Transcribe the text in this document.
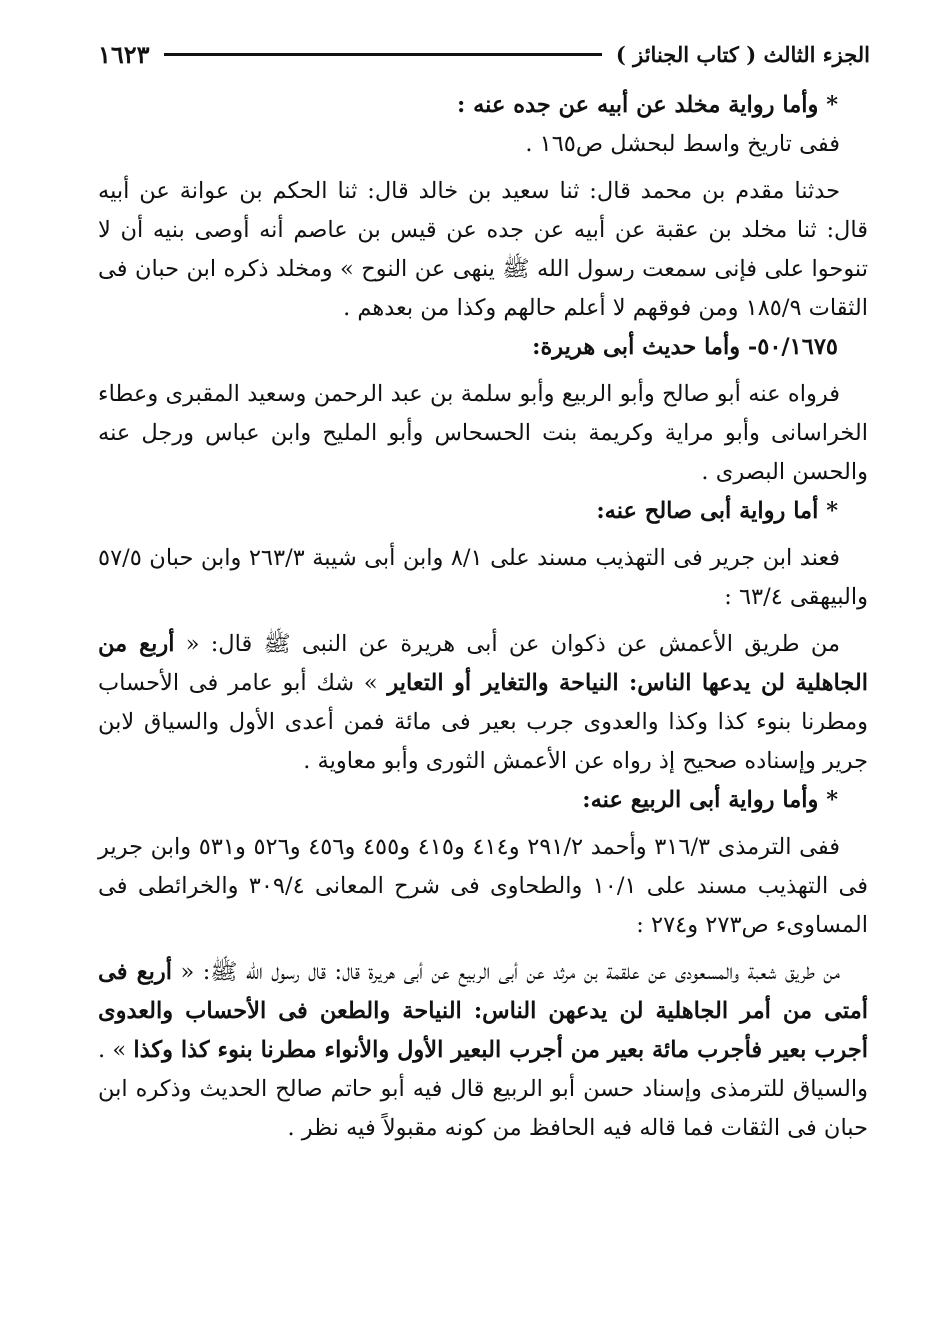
الجزء الثالث ( كتاب الجنائز )
١٦٢٣

* وأما رواية مخلد عن أبيه عن جده عنه :

ففى تاريخ واسط لبحشل ص١٦٥ .

حدثنا مقدم بن محمد قال: ثنا سعيد بن خالد قال: ثنا الحكم بن عوانة عن أبيه قال: ثنا مخلد بن عقبة عن أبيه عن جده عن قيس بن عاصم أنه أوصى بنيه أن لا تنوحوا على فإنى سمعت رسول الله ﷺ ينهى عن النوح » ومخلد ذكره ابن حبان فى الثقات ١٨٥/٩ ومن فوقهم لا أعلم حالهم وكذا من بعدهم .

٥٠/١٦٧٥- وأما حديث أبى هريرة:

فرواه عنه أبو صالح وأبو الربيع وأبو سلمة بن عبد الرحمن وسعيد المقبرى وعطاء الخراسانى وأبو مراية وكريمة بنت الحسحاس وأبو المليح وابن عباس ورجل عنه والحسن البصرى .

* أما رواية أبى صالح عنه:

فعند ابن جرير فى التهذيب مسند على ٨/١ وابن أبى شيبة ٢٦٣/٣ وابن حبان ٥٧/٥ والبيهقى ٦٣/٤ :

من طريق الأعمش عن ذكوان عن أبى هريرة عن النبى ﷺ قال: « أربع من الجاهلية لن يدعها الناس: النياحة والتغاير أو التعاير » شك أبو عامر فى الأحساب ومطرنا بنوء كذا وكذا والعدوى جرب بعير فى مائة فمن أعدى الأول والسياق لابن جرير وإسناده صحيح إذ رواه عن الأعمش الثورى وأبو معاوية .

* وأما رواية أبى الربيع عنه:

ففى الترمذى ٣١٦/٣ وأحمد ٢٩١/٢ و٤١٤ و٤١٥ و٤٥٥ و٤٥٦ و٥٢٦ و٥٣١ وابن جرير فى التهذيب مسند على ١٠/١ والطحاوى فى شرح المعانى ٣٠٩/٤ والخرائطى فى المساوىء ص٢٧٣ و٢٧٤ :

من طريق شعبة والمسعودى عن علقمة بن مرثد عن أبى الربيع عن أبى هريرة قال: قال رسول الله ﷺ: « أربع فى أمتى من أمر الجاهلية لن يدعهن الناس: النياحة والطعن فى الأحساب والعدوى أجرب بعير فأجرب مائة بعير من أجرب البعير الأول والأنواء مطرنا بنوء كذا وكذا » . والسياق للترمذى وإسناد حسن أبو الربيع قال فيه أبو حاتم صالح الحديث وذكره ابن حبان فى الثقات فما قاله فيه الحافظ من كونه مقبولاً فيه نظر .
